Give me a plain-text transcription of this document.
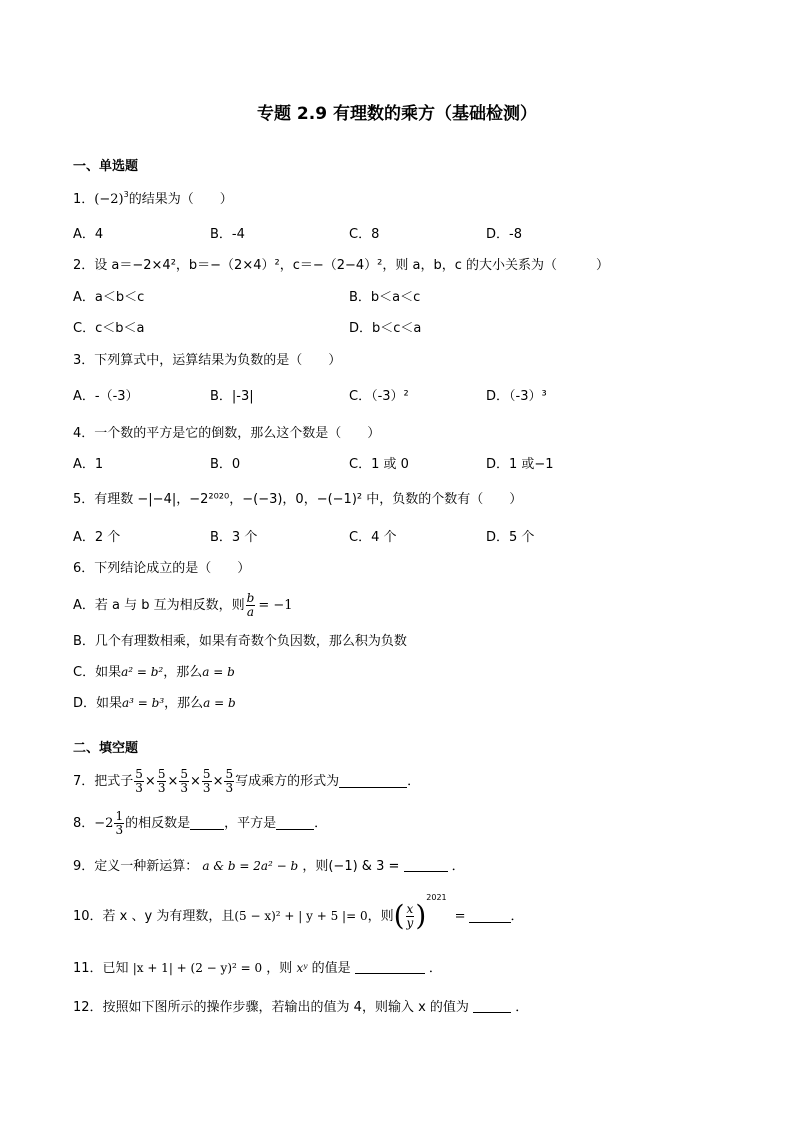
专题 2.9 有理数的乘方（基础检测）
一、单选题
1．$(-2)^3$的结果为（　　）
A．4	B．-4	C．8	D．-8
2．设 a＝−2×4²，b＝−（2×4）²，c＝−（2−4）²，则 a，b，c 的大小关系为（　　　）
A．a＜b＜c	B．b＜a＜c
C．c＜b＜a	D．b＜c＜a
3．下列算式中，运算结果为负数的是（　　）
A．-（-3）	B．|-3|	C．（-3）²	D．（-3）³
4．一个数的平方是它的倒数，那么这个数是（　　）
A．1	B．0	C．1 或 0	D．1 或−1
5．有理数 −|−4|，−2²⁰²⁰，−(−3)，0，−(−1)² 中，负数的个数有（　　）
A．2 个	B．3 个	C．4 个	D．5 个
6．下列结论成立的是（　　）
A．若 a 与 b 互为相反数，则 $\frac{b}{a} = -1$
B．几个有理数相乘，如果有奇数个负因数，那么积为负数
C．如果a² = b²，那么a = b
D．如果a³ = b³，那么a = b
二、填空题
7．把式子 $\frac{5}{3} \times \frac{5}{3} \times \frac{5}{3} \times \frac{5}{3} \times \frac{5}{3}$ 写成乘方的形式为	．
8． $-2 \frac{1}{3}$ 的相反数是	，平方是	．
9．定义一种新运算： a & b = 2a² − b ，则(−1) & 3 =	．
10．若 x 、y 为有理数，且 (5 − x)² + | y + 5 |= 0 ，则 ( $\frac{x}{y}$ )
2021
=	．
11．已知 |x + 1| + (2 − y)² = 0 ，则 xʸ 的值是	．
12．按照如下图所示的操作步骤，若输出的值为 4，则输入 x 的值为	．
